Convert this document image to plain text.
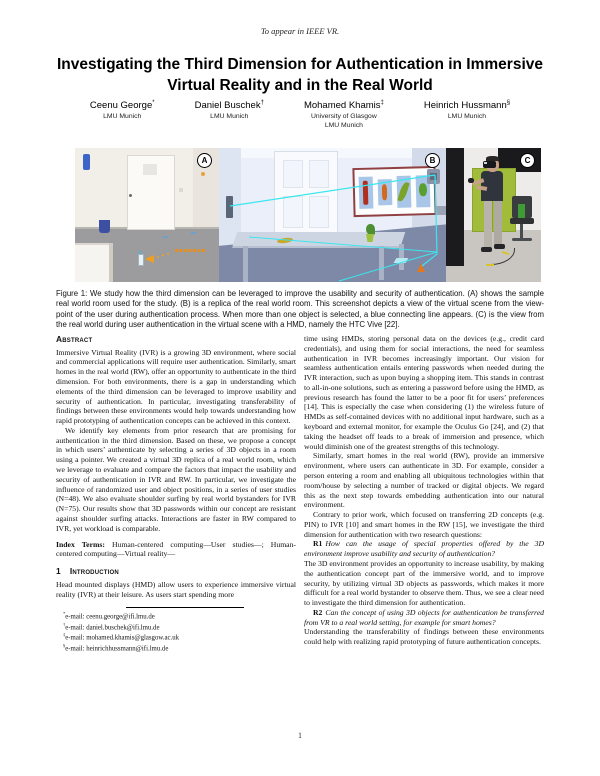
To appear in IEEE VR.
Investigating the Third Dimension for Authentication in Immersive Virtual Reality and in the Real World
Ceenu George*
LMU Munich
Daniel Buschek†
LMU Munich
Mohamed Khamis‡
University of Glasgow
LMU Munich
Heinrich Hussmann§
LMU Munich
A	B	C
Figure 1: We study how the third dimension can be leveraged to improve the usability and security of authentication. (A) shows the sample real world room used for the study. (B) is a replica of the real world room. This screenshot depicts a view of the virtual scene from the view-point of the user during authentication process. When more than one object is selected, a blue connecting line appears. (C) is the view from the real world during user authentication in the virtual scene with a HMD, namely the HTC Vive [22].
Abstract

Immersive Virtual Reality (IVR) is a growing 3D environment, where social and commercial applications will require user authentication. Similarly, smart homes in the real world (RW), offer an opportunity to authenticate in the third dimension. For both environments, there is a gap in understanding which elements of the third dimension can be leveraged to improve usability and security of authentication. In particular, investigating transferability of findings between these environments would help towards understanding how rapid prototyping of authentication concepts can be achieved in this context.

We identify key elements from prior research that are promising for authentication in the third dimension. Based on these, we propose a concept in which users’ authenticate by selecting a series of 3D objects in a room using a pointer. We created a virtual 3D replica of a real world room, which we leverage to evaluate and compare the factors that impact the usability and security of authentication in IVR and RW. In particular, we investigate the influence of randomized user and object positions, in a series of user studies (N=48). We also evaluate shoulder surfing by real world bystanders for IVR (N=75). Our results show that 3D passwords within our concept are resistant against shoulder surfing attacks. Interactions are faster in RW compared to IVR, yet workload is comparable.

Index Terms: Human-centered computing—User studies—; Human-centered computing—Virtual reality—

1 Introduction

Head mounted displays (HMD) allow users to experience immersive virtual reality (IVR) at their leisure. As users start spending more

*e-mail: ceenu.george@ifi.lmu.de
†e-mail: daniel.buschek@ifi.lmu.de
‡e-mail: mohamed.khamis@glasgow.ac.uk
§e-mail: heinrichhussmann@ifi.lmu.de

time using HMDs, storing personal data on the devices (e.g., credit card credentials), and using them for social interactions, the need for seamless authentication in IVR becomes increasingly important. Our vision for seamless authentication entails entering passwords when needed during the IVR interaction, such as upon buying a shopping item. This stands in contrast to all-in-one solutions, such as entering a password before using the HMD, as previous research has found the latter to be a poor fit for users’ preferences [14]. This is especially the case when considering (1) the wireless future of HMDs as self-contained devices with no additional input hardware, such as a keyboard and external monitor, for example the Oculus Go [24], and (2) that taking the headset off leads to a break of immersion and presence, which would diminish one of the greatest strengths of this technology.

Similarly, smart homes in the real world (RW), provide an immersive environment, where users can authenticate in 3D. For example, consider a person entering a room and enabling all ubiquitous technologies within that room/house by selecting a number of tracked or digital objects. We regard this as the next step towards embedding authentication into our natural environment.

Contrary to prior work, which focused on transferring 2D concepts (e.g. PIN) to IVR [10] and smart homes in the RW [15], we investigate the third dimension for authentication with two research questions:

R1 How can the usage of special properties offered by the 3D environment improve usability and security of authentication?

The 3D environment provides an opportunity to increase usability, by making the authentication concept part of the immersive world, and to improve security, by utilizing virtual 3D objects as passwords, which makes it more difficult for a real world bystander to observe them. Thus, we see a clear need to investigate the third dimension for authentication.

R2 Can the concept of using 3D objects for authentication be transferred from VR to a real world setting, for example for smart homes?

Understanding the transferability of findings between these environments could help with realizing rapid prototyping of future authentication concepts.

1
